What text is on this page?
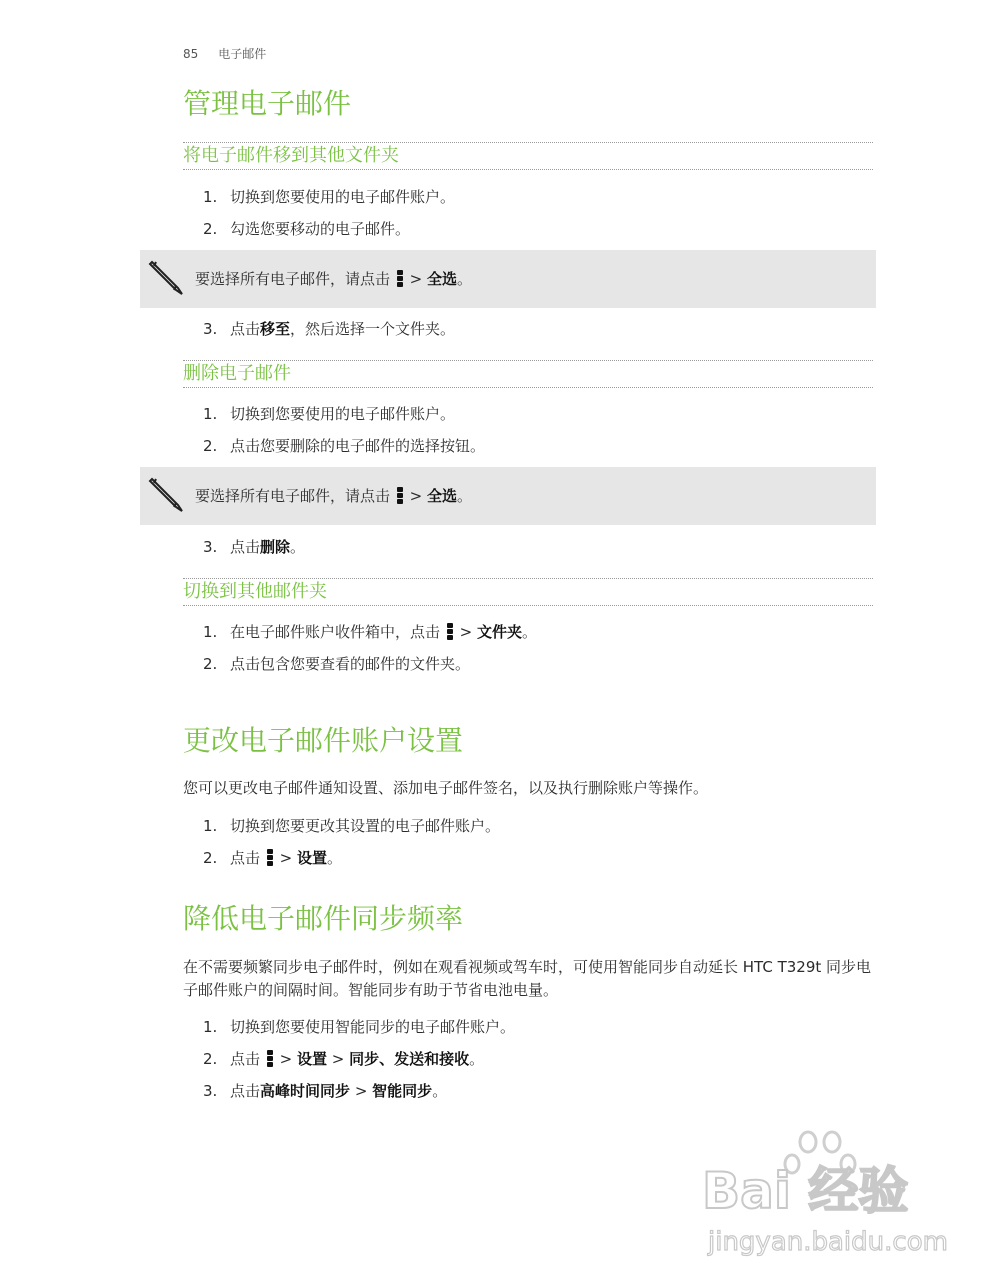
85 电子邮件
管理电子邮件
将电子邮件移到其他文件夹
1. 切换到您要使用的电子邮件账户。
2. 勾选您要移动的电子邮件。
要选择所有电子邮件，请点击 > 全选。
3. 点击移至，然后选择一个文件夹。
删除电子邮件
1. 切换到您要使用的电子邮件账户。
2. 点击您要删除的电子邮件的选择按钮。
要选择所有电子邮件，请点击 > 全选。
3. 点击删除。
切换到其他邮件夹
1. 在电子邮件账户收件箱中，点击 > 文件夹。
2. 点击包含您要查看的邮件的文件夹。
更改电子邮件账户设置
您可以更改电子邮件通知设置、添加电子邮件签名，以及执行删除账户等操作。
1. 切换到您要更改其设置的电子邮件账户。
2. 点击 > 设置。
降低电子邮件同步频率
在不需要频繁同步电子邮件时，例如在观看视频或驾车时，可使用智能同步自动延长 HTC T329t 同步电子邮件账户的间隔时间。智能同步有助于节省电池电量。
1. 切换到您要使用智能同步的电子邮件账户。
2. 点击 > 设置 > 同步、发送和接收。
3. 点击高峰时间同步 > 智能同步。
Bai 经验
jingyan.baidu.com
